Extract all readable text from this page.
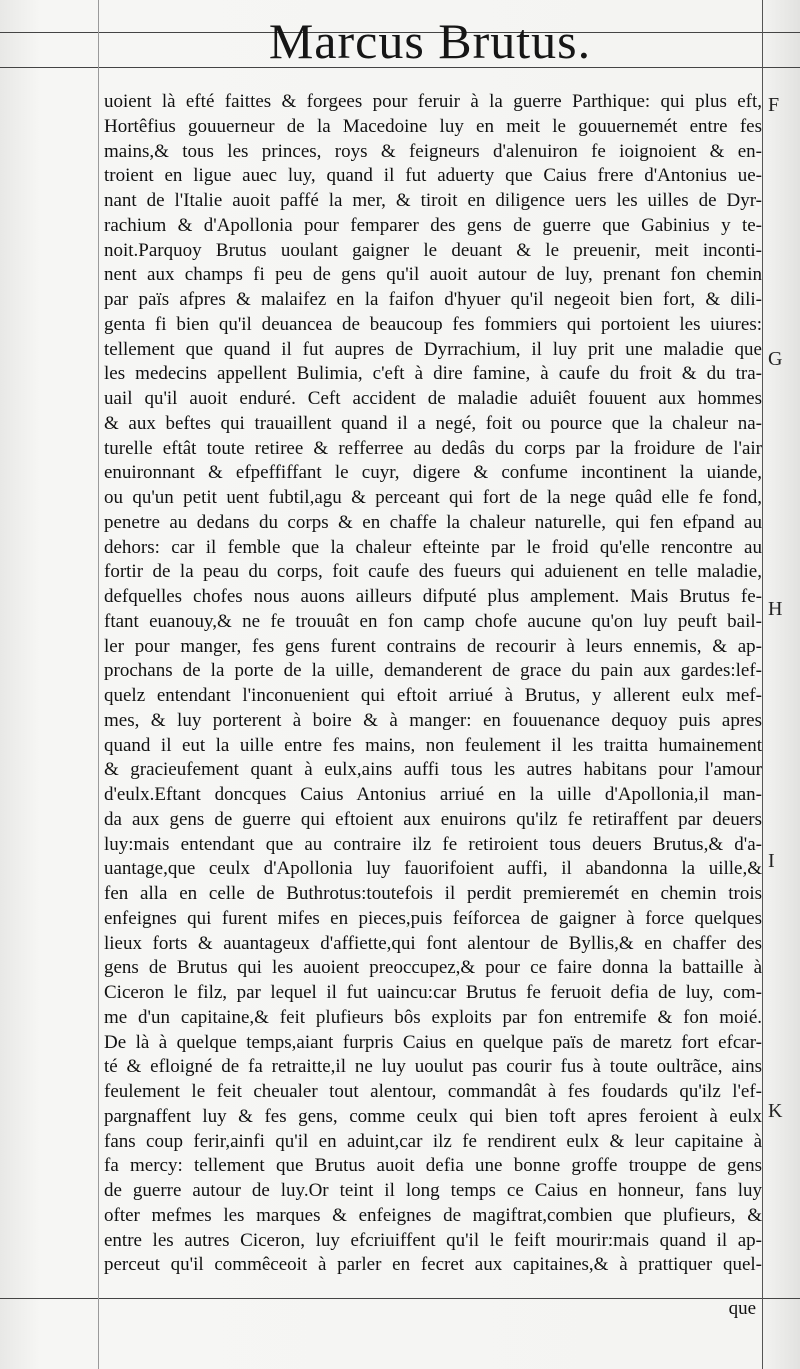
Marcus Brutus.
uoient là efté faittes & forgees pour feruir à la guerre Parthique: qui plus eft,
Hortêfius gouuerneur de la Macedoine luy en meit le gouuernemét entre fes
mains,& tous les princes, roys & feigneurs d'alenuiron fe ioignoient & en-
troient en ligue auec luy, quand il fut aduerty que Caius frere d'Antonius ue-
nant de l'Italie auoit paffé la mer, & tiroit en diligence uers les uilles de Dyr-
rachium & d'Apollonia pour femparer des gens de guerre que Gabinius y te-
noit.Parquoy Brutus uoulant gaigner le deuant & le preuenir, meit inconti-
nent aux champs fi peu de gens qu'il auoit autour de luy, prenant fon chemin
par païs afpres & malaifez en la faifon d'hyuer qu'il negeoit bien fort, & dili-
genta fi bien qu'il deuancea de beaucoup fes fommiers qui portoient les uiures:
tellement que quand il fut aupres de Dyrrachium, il luy prit une maladie que
les medecins appellent Bulimia, c'eft à dire famine, à caufe du froit & du tra-
uail qu'il auoit enduré. Ceft accident de maladie aduiêt fouuent aux hommes
& aux beftes qui trauaillent quand il a negé, foit ou pource que la chaleur na-
turelle eftât toute retiree & refferree au dedâs du corps par la froidure de l'air
enuironnant & efpeffiffant le cuyr, digere & confume incontinent la uiande,
ou qu'un petit uent fubtil,agu & perceant qui fort de la nege quâd elle fe fond,
penetre au dedans du corps & en chaffe la chaleur naturelle, qui fen efpand au
dehors: car il femble que la chaleur efteinte par le froid qu'elle rencontre au
fortir de la peau du corps, foit caufe des fueurs qui aduienent en telle maladie,
defquelles chofes nous auons ailleurs difputé plus amplement. Mais Brutus fe-
ftant euanouy,& ne fe trouuât en fon camp chofe aucune qu'on luy peuft bail-
ler pour manger, fes gens furent contrains de recourir à leurs ennemis, & ap-
prochans de la porte de la uille, demanderent de grace du pain aux gardes:lef-
quelz entendant l'inconuenient qui eftoit arriué à Brutus, y allerent eulx mef-
mes, & luy porterent à boire & à manger: en fouuenance dequoy puis apres
quand il eut la uille entre fes mains, non feulement il les traitta humainement
& gracieufement quant à eulx,ains auffi tous les autres habitans pour l'amour
d'eulx.Eftant doncques Caius Antonius arriué en la uille d'Apollonia,il man-
da aux gens de guerre qui eftoient aux enuirons qu'ilz fe retiraffent par deuers
luy:mais entendant que au contraire ilz fe retiroient tous deuers Brutus,& d'a-
uantage,que ceulx d'Apollonia luy fauorifoient auffi, il abandonna la uille,&
fen alla en celle de Buthrotus:toutefois il perdit premieremét en chemin trois
enfeignes qui furent mifes en pieces,puis feíforcea de gaigner à force quelques
lieux forts & auantageux d'affiette,qui font alentour de Byllis,& en chaffer des
gens de Brutus qui les auoient preoccupez,& pour ce faire donna la battaille à
Ciceron le filz, par lequel il fut uaincu:car Brutus fe feruoit defia de luy, com-
me d'un capitaine,& feit plufieurs bôs exploits par fon entremife & fon moié.
De là à quelque temps,aiant furpris Caius en quelque païs de maretz fort efcar-
té & efloigné de fa retraitte,il ne luy uoulut pas courir fus à toute oultrãce, ains
feulement le feit cheualer tout alentour, commandât à fes foudards qu'ilz l'ef-
pargnaffent luy & fes gens, comme ceulx qui bien toft apres feroient à eulx
fans coup ferir,ainfi qu'il en aduint,car ilz fe rendirent eulx & leur capitaine à
fa mercy: tellement que Brutus auoit defia une bonne groffe trouppe de gens
de guerre autour de luy.Or teint il long temps ce Caius en honneur, fans luy
ofter mefmes les marques & enfeignes de magiftrat,combien que plufieurs, &
entre les autres Ciceron, luy efcriuiffent qu'il le feift mourir:mais quand il ap-
perceut qu'il commêceoit à parler en fecret aux capitaines,& à prattiquer quel-
F
G
H
I
K
que
